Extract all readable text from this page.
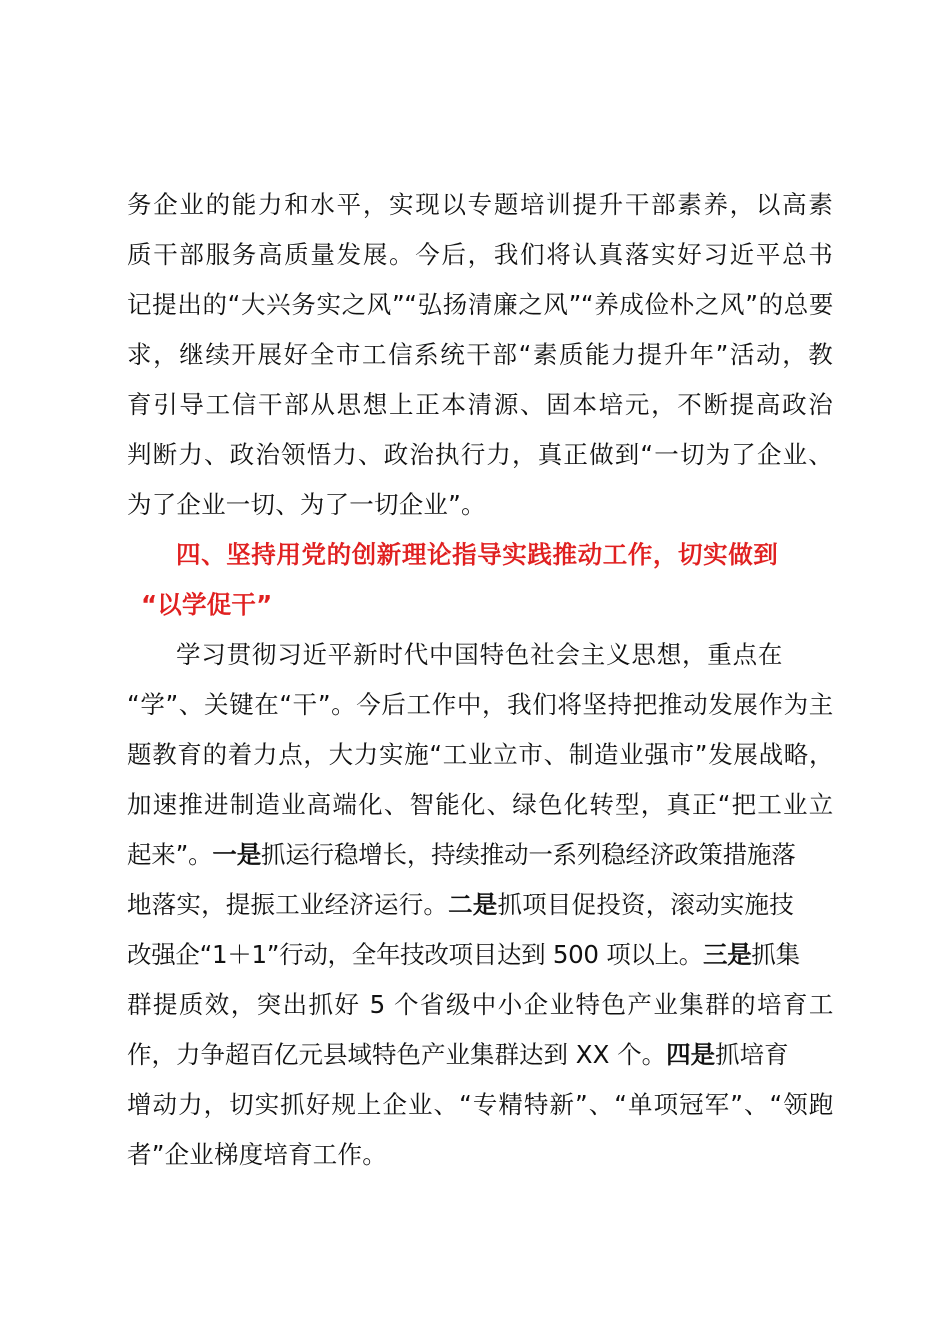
务企业的能力和水平，实现以专题培训提升干部素养，以高素
质干部服务高质量发展。今后，我们将认真落实好习近平总书
记提出的“大兴务实之风”“弘扬清廉之风”“养成俭朴之风”的总要
求，继续开展好全市工信系统干部“素质能力提升年”活动，教
育引导工信干部从思想上正本清源、固本培元，不断提高政治
判断力、政治领悟力、政治执行力，真正做到“一切为了企业、
为了企业一切、为了一切企业”。
四、坚持用党的创新理论指导实践推动工作，切实做到
“以学促干”
学习贯彻习近平新时代中国特色社会主义思想，重点在
“学”、关键在“干”。今后工作中，我们将坚持把推动发展作为主
题教育的着力点，大力实施“工业立市、制造业强市”发展战略，
加速推进制造业高端化、智能化、绿色化转型，真正“把工业立
起来”。一是抓运行稳增长，持续推动一系列稳经济政策措施落
地落实，提振工业经济运行。二是抓项目促投资，滚动实施技
改强企“1＋1”行动，全年技改项目达到 500 项以上。三是抓集
群提质效，突出抓好 5 个省级中小企业特色产业集群的培育工
作，力争超百亿元县域特色产业集群达到 XX 个。四是抓培育
增动力，切实抓好规上企业、“专精特新”、“单项冠军”、“领跑
者”企业梯度培育工作。
